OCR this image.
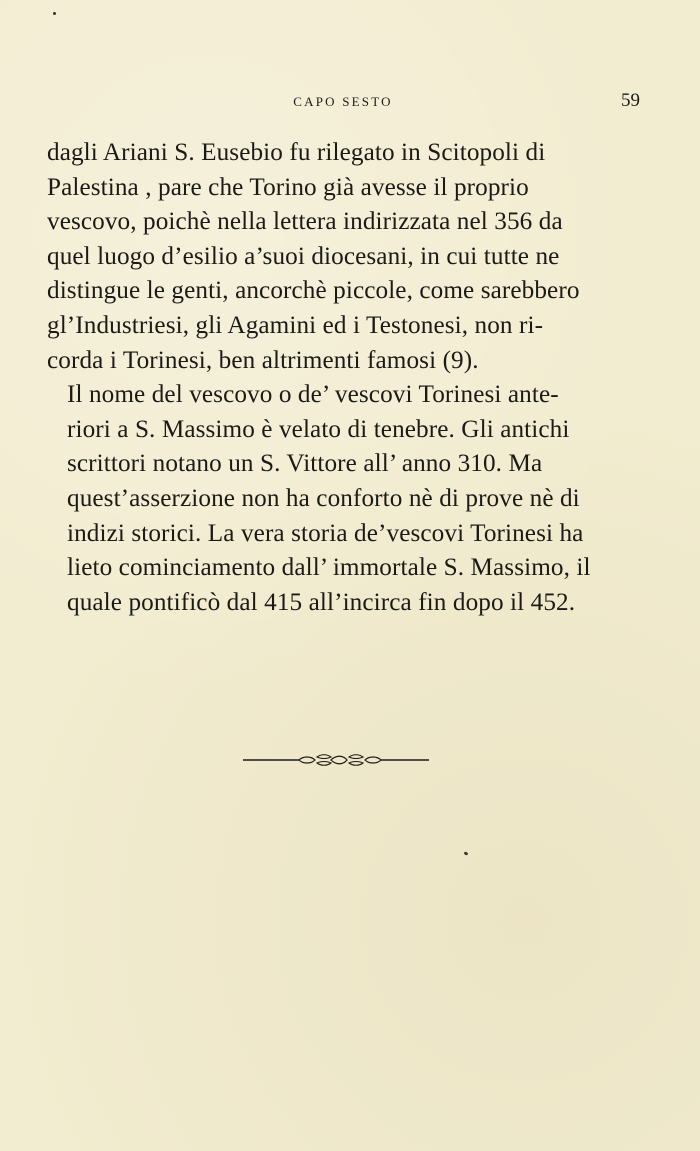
CAPO SESTO	59

dagli Ariani S. Eusebio fu rilegato in Scitopoli di
Palestina , pare che Torino già avesse il proprio
vescovo, poichè nella lettera indirizzata nel 356 da
quel luogo d’esilio a’suoi diocesani, in cui tutte ne
distingue le genti, ancorchè piccole, come sarebbero
gl’Industriesi, gli Agamini ed i Testonesi, non ri-
corda i Torinesi, ben altrimenti famosi (9).

Il nome del vescovo o de’ vescovi Torinesi ante-
riori a S. Massimo è velato di tenebre. Gli antichi
scrittori notano un S. Vittore all’ anno 310. Ma
quest’asserzione non ha conforto nè di prove nè di
indizi storici. La vera storia de’vescovi Torinesi ha
lieto cominciamento dall’ immortale S. Massimo, il
quale pontificò dal 415 all’incirca fin dopo il 452.
